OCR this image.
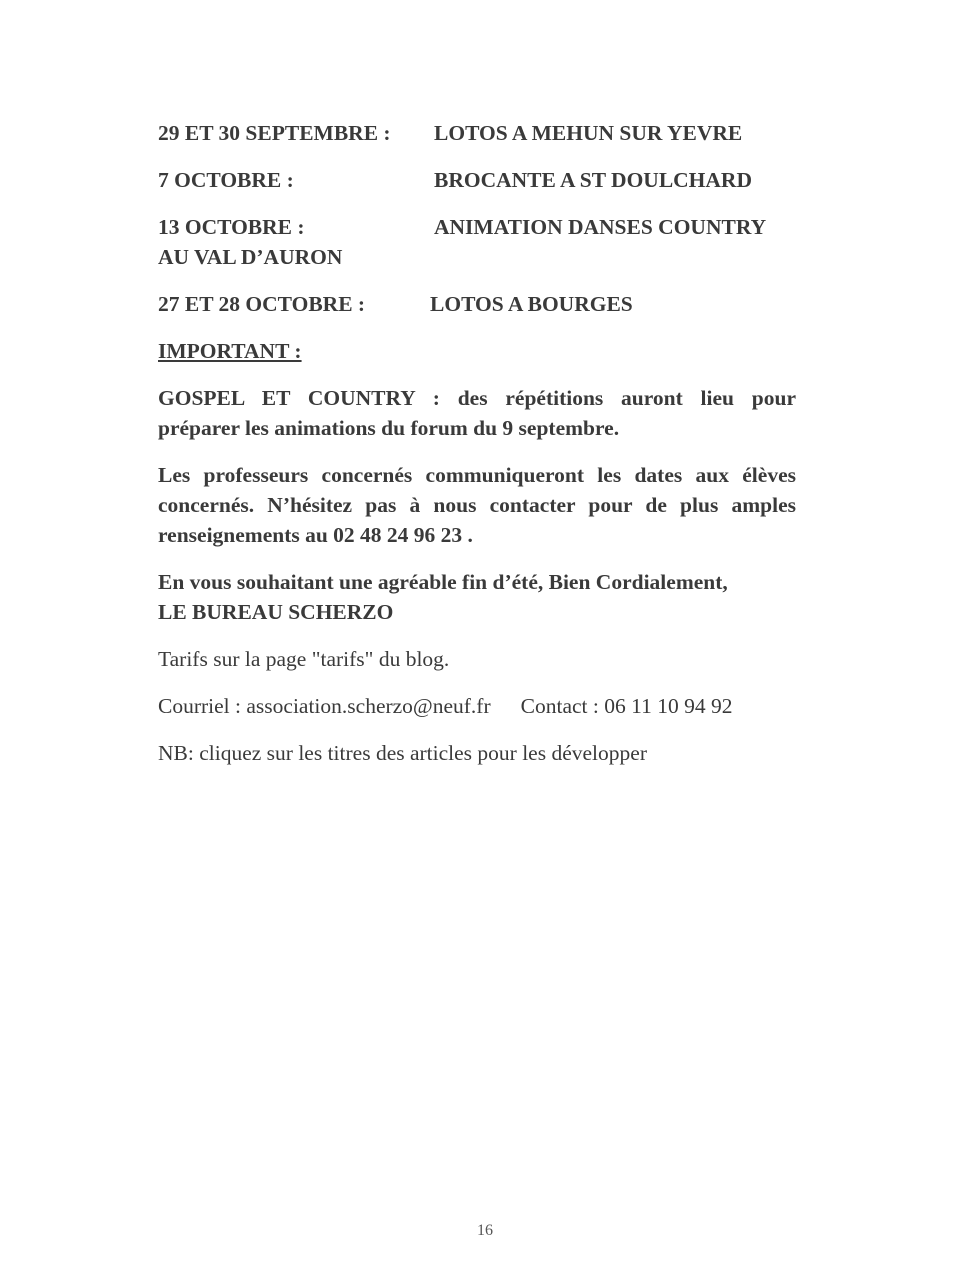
29 ET 30 SEPTEMBRE : LOTOS A MEHUN SUR YEVRE
7 OCTOBRE :	BROCANTE A ST DOULCHARD
13 OCTOBRE :	ANIMATION DANSES COUNTRY
AU VAL D’AURON
27 ET 28 OCTOBRE :	LOTOS A BOURGES
IMPORTANT :
GOSPEL ET COUNTRY : des répétitions auront lieu pour
préparer les animations du forum du 9 septembre.
Les professeurs concernés communiqueront les dates aux élèves
concernés. N’hésitez pas à nous contacter pour de plus amples
renseignements au 02 48 24 96 23 .
En vous souhaitant une agréable fin d’été, Bien Cordialement,
LE BUREAU SCHERZO
Tarifs sur la page "tarifs" du blog.
Courriel : association.scherzo@neuf.fr Contact : 06 11 10 94 92
NB: cliquez sur les titres des articles pour les développer
16
